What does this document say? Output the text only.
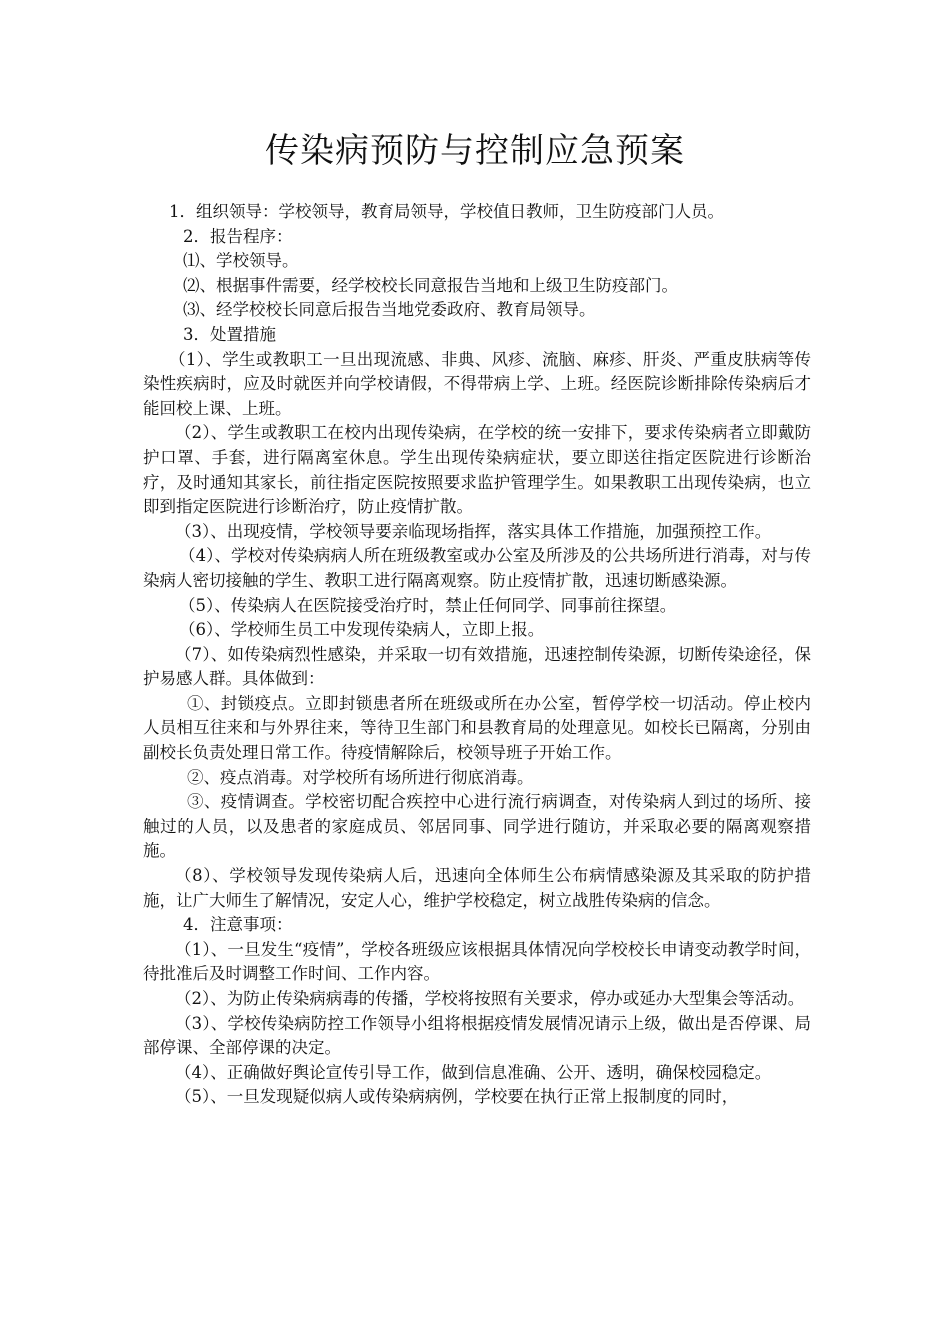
传染病预防与控制应急预案

1．组织领导：学校领导，教育局领导，学校值日教师，卫生防疫部门人员。

2．报告程序：

⑴、学校领导。

⑵、根据事件需要，经学校校长同意报告当地和上级卫生防疫部门。

⑶、经学校校长同意后报告当地党委政府、教育局领导。

3．处置措施

（1）、学生或教职工一旦出现流感、非典、风疹、流脑、麻疹、肝炎、严重皮肤病等传染性疾病时，应及时就医并向学校请假，不得带病上学、上班。经医院诊断排除传染病后才能回校上课、上班。

（2）、学生或教职工在校内出现传染病，在学校的统一安排下，要求传染病者立即戴防护口罩、手套，进行隔离室休息。学生出现传染病症状，要立即送往指定医院进行诊断治疗，及时通知其家长，前往指定医院按照要求监护管理学生。如果教职工出现传染病，也立即到指定医院进行诊断治疗，防止疫情扩散。

（3）、出现疫情，学校领导要亲临现场指挥，落实具体工作措施，加强预控工作。

（4）、学校对传染病病人所在班级教室或办公室及所涉及的公共场所进行消毒，对与传染病人密切接触的学生、教职工进行隔离观察。防止疫情扩散，迅速切断感染源。

（5）、传染病人在医院接受治疗时，禁止任何同学、同事前往探望。

（6）、学校师生员工中发现传染病人，立即上报。

（7）、如传染病烈性感染，并采取一切有效措施，迅速控制传染源，切断传染途径，保护易感人群。具体做到：

①、封锁疫点。立即封锁患者所在班级或所在办公室，暂停学校一切活动。停止校内人员相互往来和与外界往来，等待卫生部门和县教育局的处理意见。如校长已隔离，分别由副校长负责处理日常工作。待疫情解除后，校领导班子开始工作。

②、疫点消毒。对学校所有场所进行彻底消毒。

③、疫情调查。学校密切配合疾控中心进行流行病调查，对传染病人到过的场所、接触过的人员，以及患者的家庭成员、邻居同事、同学进行随访，并采取必要的隔离观察措施。

（8）、学校领导发现传染病人后，迅速向全体师生公布病情感染源及其采取的防护措施，让广大师生了解情况，安定人心，维护学校稳定，树立战胜传染病的信念。

4．注意事项：

（1）、一旦发生“疫情”，学校各班级应该根据具体情况向学校校长申请变动教学时间，待批准后及时调整工作时间、工作内容。

（2）、为防止传染病病毒的传播，学校将按照有关要求，停办或延办大型集会等活动。

（3）、学校传染病防控工作领导小组将根据疫情发展情况请示上级，做出是否停课、局部停课、全部停课的决定。

（4）、正确做好舆论宣传引导工作，做到信息准确、公开、透明，确保校园稳定。

（5）、一旦发现疑似病人或传染病病例，学校要在执行正常上报制度的同时，
